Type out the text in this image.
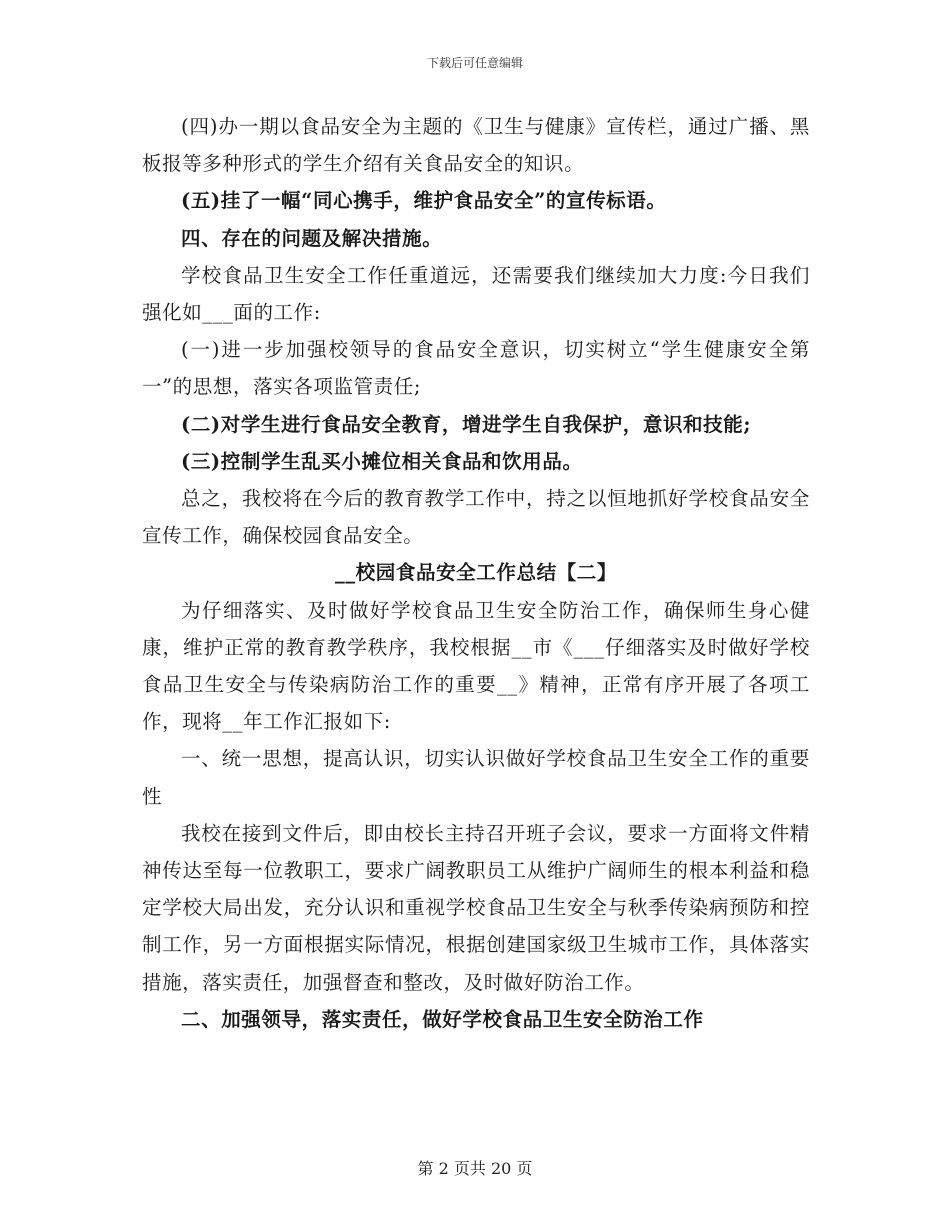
下载后可任意编辑

(四)办一期以食品安全为主题的《卫生与健康》宣传栏，通过广播、黑板报等多种形式的学生介绍有关食品安全的知识。

(五)挂了一幅“同心携手，维护食品安全”的宣传标语。

四、存在的问题及解决措施。

学校食品卫生安全工作任重道远，还需要我们继续加大力度:今日我们强化如___面的工作:

(一)进一步加强校领导的食品安全意识，切实树立“学生健康安全第一”的思想，落实各项监管责任;

(二)对学生进行食品安全教育，增进学生自我保护，意识和技能;

(三)控制学生乱买小摊位相关食品和饮用品。

总之，我校将在今后的教育教学工作中，持之以恒地抓好学校食品安全宣传工作，确保校园食品安全。

__校园食品安全工作总结【二】

为仔细落实、及时做好学校食品卫生安全防治工作，确保师生身心健康，维护正常的教育教学秩序，我校根据__市《___仔细落实及时做好学校食品卫生安全与传染病防治工作的重要__》精神，正常有序开展了各项工作，现将__年工作汇报如下:

一、统一思想，提高认识，切实认识做好学校食品卫生安全工作的重要性

我校在接到文件后，即由校长主持召开班子会议，要求一方面将文件精神传达至每一位教职工，要求广阔教职员工从维护广阔师生的根本利益和稳定学校大局出发，充分认识和重视学校食品卫生安全与秋季传染病预防和控制工作，另一方面根据实际情况，根据创建国家级卫生城市工作，具体落实措施，落实责任，加强督查和整改，及时做好防治工作。

二、加强领导，落实责任，做好学校食品卫生安全防治工作

第 2 页共 20 页
